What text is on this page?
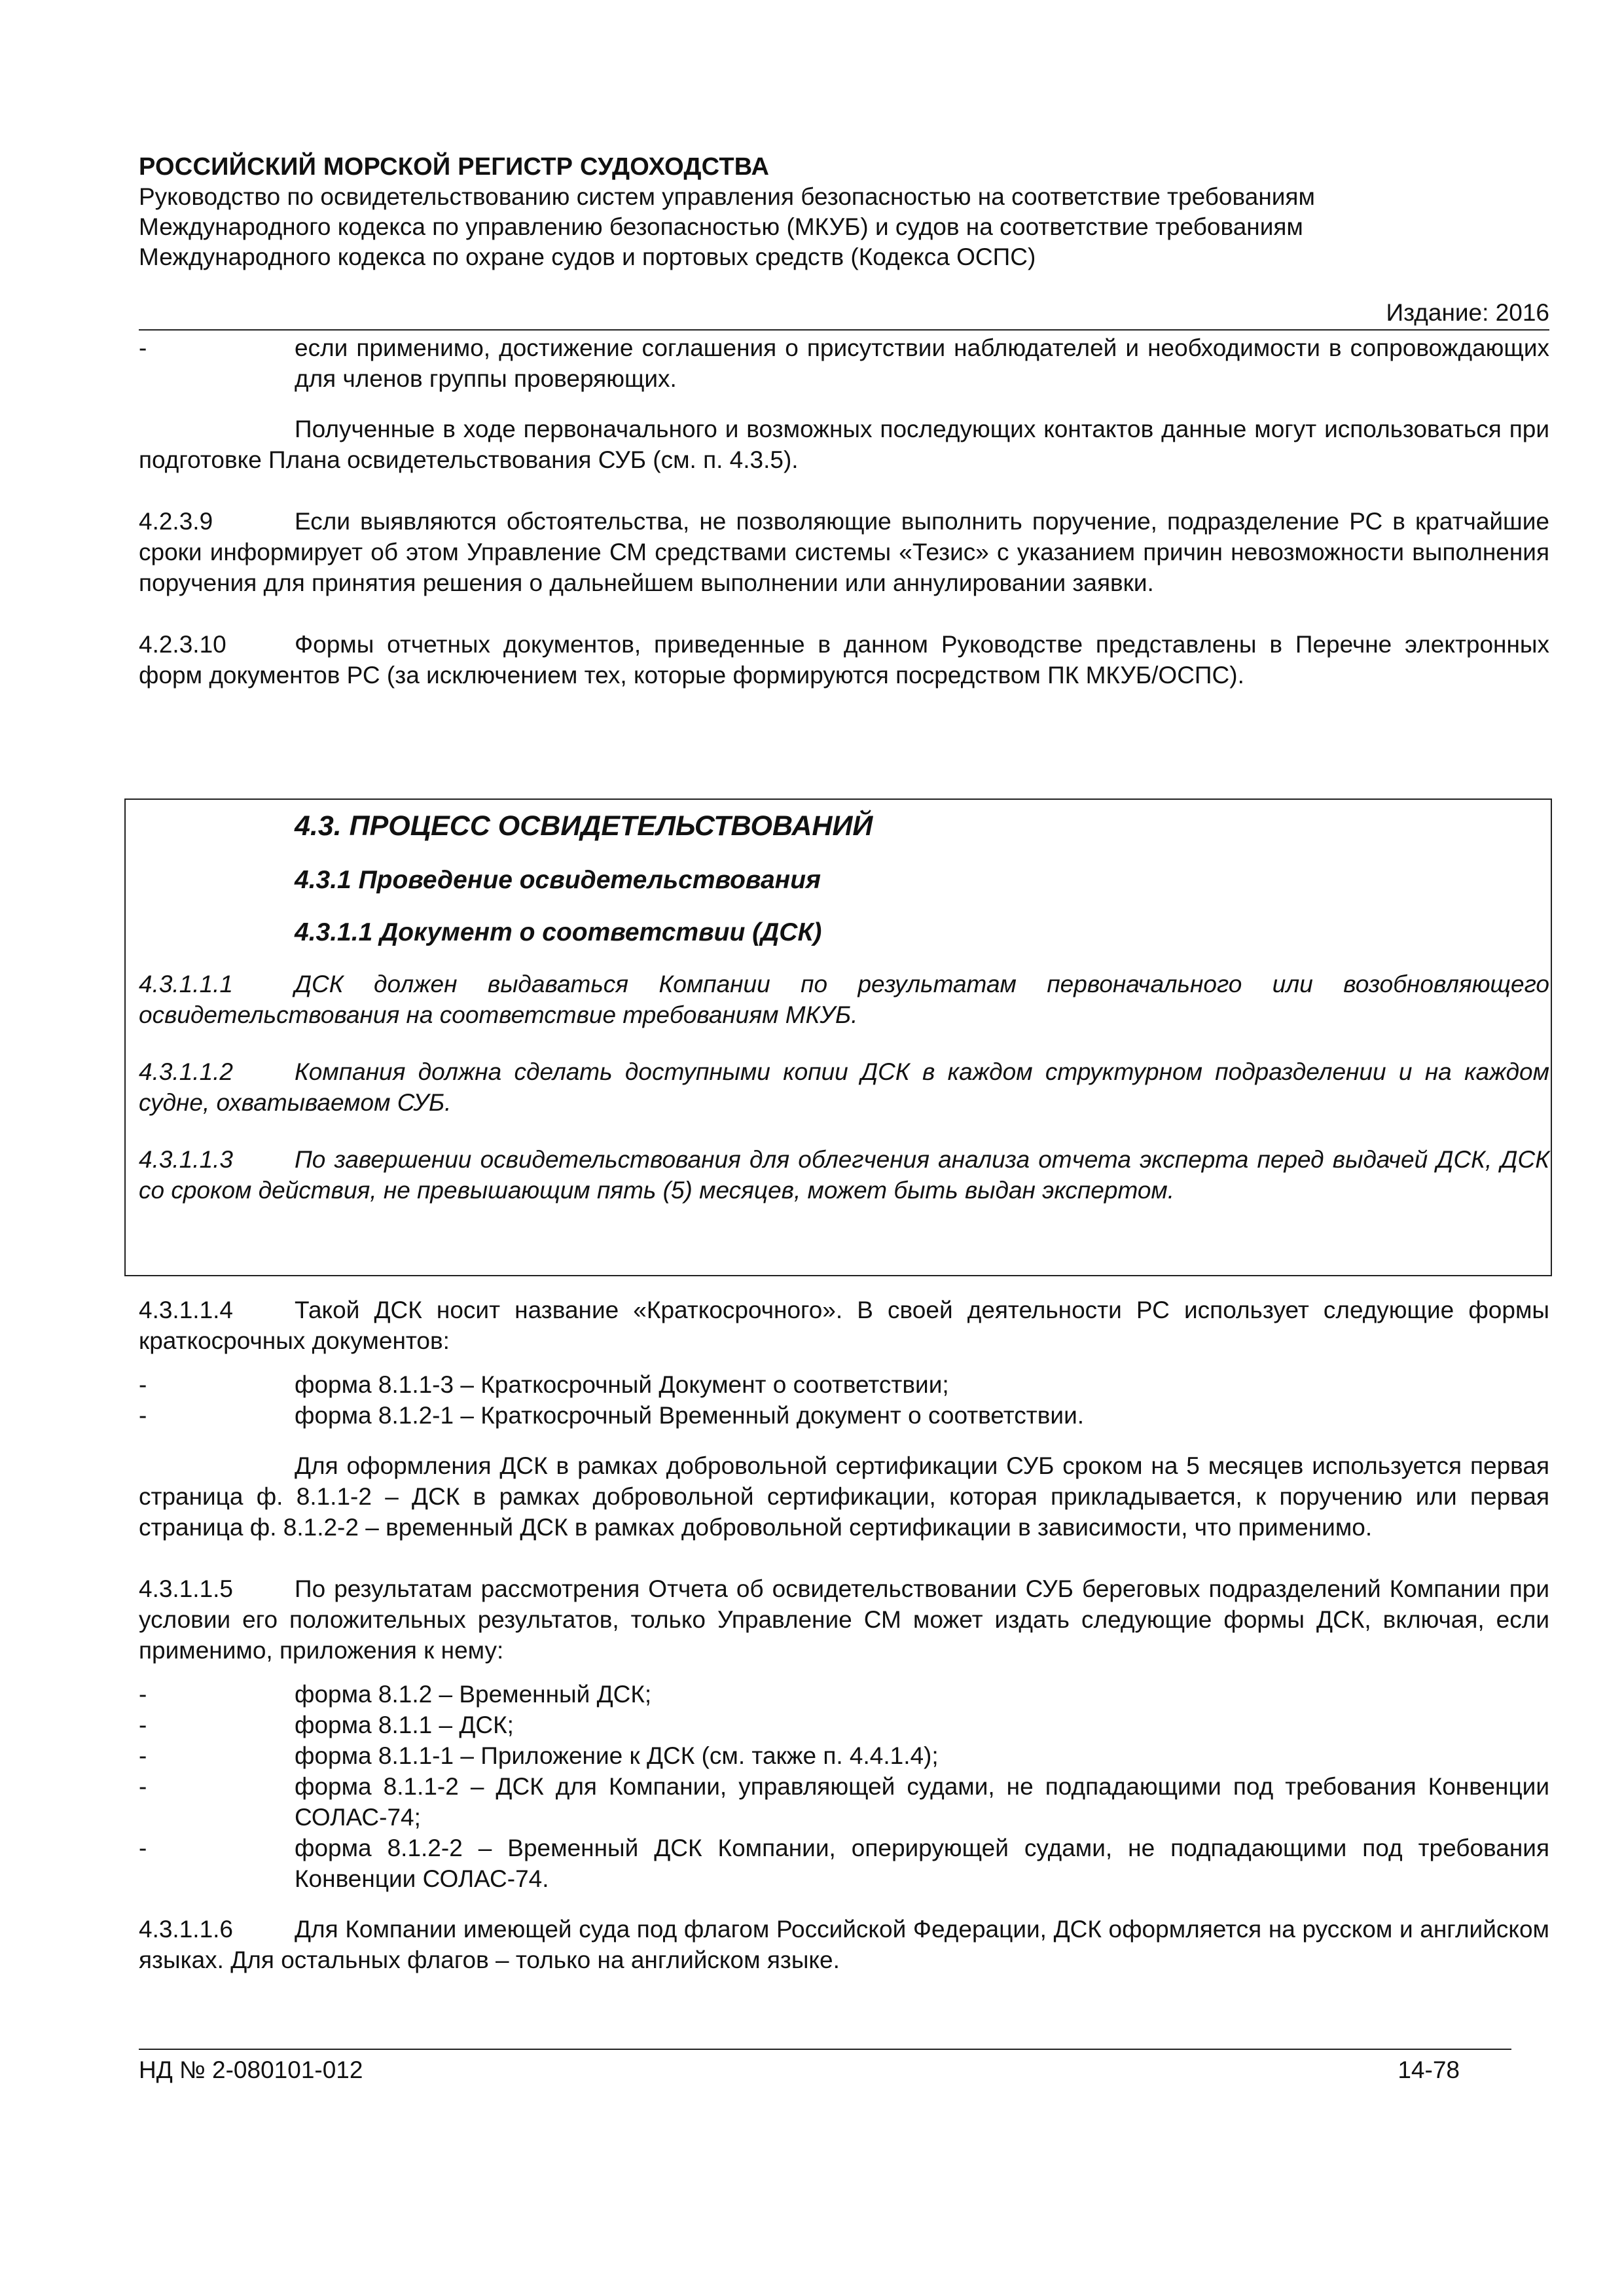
РОССИЙСКИЙ МОРСКОЙ РЕГИСТР СУДОХОДСТВА

Руководство по освидетельствованию систем управления безопасностью на соответствие требованиям

Международного кодекса по управлению безопасностью (МКУБ) и судов на соответствие требованиям

Международного кодекса по охране судов и портовых средств (Кодекса ОСПС)

Издание: 2016
-	если применимо, достижение соглашения о присутствии наблюдателей и необходимости в сопровождающих для членов группы проверяющих.

Полученные в ходе первоначального и возможных последующих контактов данные могут использоваться при подготовке Плана освидетельствования СУБ (см. п. 4.3.5).

4.2.3.9	Если выявляются обстоятельства, не позволяющие выполнить поручение, подразделение РС в кратчайшие сроки информирует об этом Управление СМ средствами системы «Тезис» с указанием причин невозможности выполнения поручения для принятия решения о дальнейшем выполнении или аннулировании заявки.

4.2.3.10	Формы отчетных документов, приведенные в данном Руководстве представлены в Перечне электронных форм документов РС (за исключением тех, которые формируются посредством ПК МКУБ/ОСПС).

4.3. ПРОЦЕСС ОСВИДЕТЕЛЬСТВОВАНИЙ

4.3.1 Проведение освидетельствования

4.3.1.1 Документ о соответствии (ДСК)

4.3.1.1.1	ДСК должен выдаваться Компании по результатам первоначального или возобновляющего освидетельствования на соответствие требованиям МКУБ.

4.3.1.1.2	Компания должна сделать доступными копии ДСК в каждом структурном подразделении и на каждом судне, охватываемом СУБ.

4.3.1.1.3	По завершении освидетельствования для облегчения анализа отчета эксперта перед выдачей ДСК, ДСК со сроком действия, не превышающим пять (5) месяцев, может быть выдан экспертом.

4.3.1.1.4	Такой ДСК носит название «Краткосрочного». В своей деятельности РС использует следующие формы краткосрочных документов:

-	форма 8.1.1-3 – Краткосрочный Документ о соответствии;
-	форма 8.1.2-1 – Краткосрочный Временный документ о соответствии.

Для оформления ДСК в рамках добровольной сертификации СУБ сроком на 5 месяцев используется первая страница ф. 8.1.1-2 – ДСК в рамках добровольной сертификации, которая прикладывается, к поручению или первая страница ф. 8.1.2-2 – временный ДСК в рамках добровольной сертификации в зависимости, что применимо.

4.3.1.1.5	По результатам рассмотрения Отчета об освидетельствовании СУБ береговых подразделений Компании при условии его положительных результатов, только Управление СМ может издать следующие формы ДСК, включая, если применимо, приложения к нему:

-	форма 8.1.2 – Временный ДСК;
-	форма 8.1.1 – ДСК;
-	форма 8.1.1-1 – Приложение к ДСК (см. также п. 4.4.1.4);
-	форма 8.1.1-2 – ДСК для Компании, управляющей судами, не подпадающими под требования Конвенции СОЛАС-74;
-	форма 8.1.2-2 – Временный ДСК Компании, оперирующей судами, не подпадающими под требования Конвенции СОЛАС-74.

4.3.1.1.6	Для Компании имеющей суда под флагом Российской Федерации, ДСК оформляется на русском и английском языках. Для остальных флагов – только на английском языке.

НД № 2-080101-012	14-78
